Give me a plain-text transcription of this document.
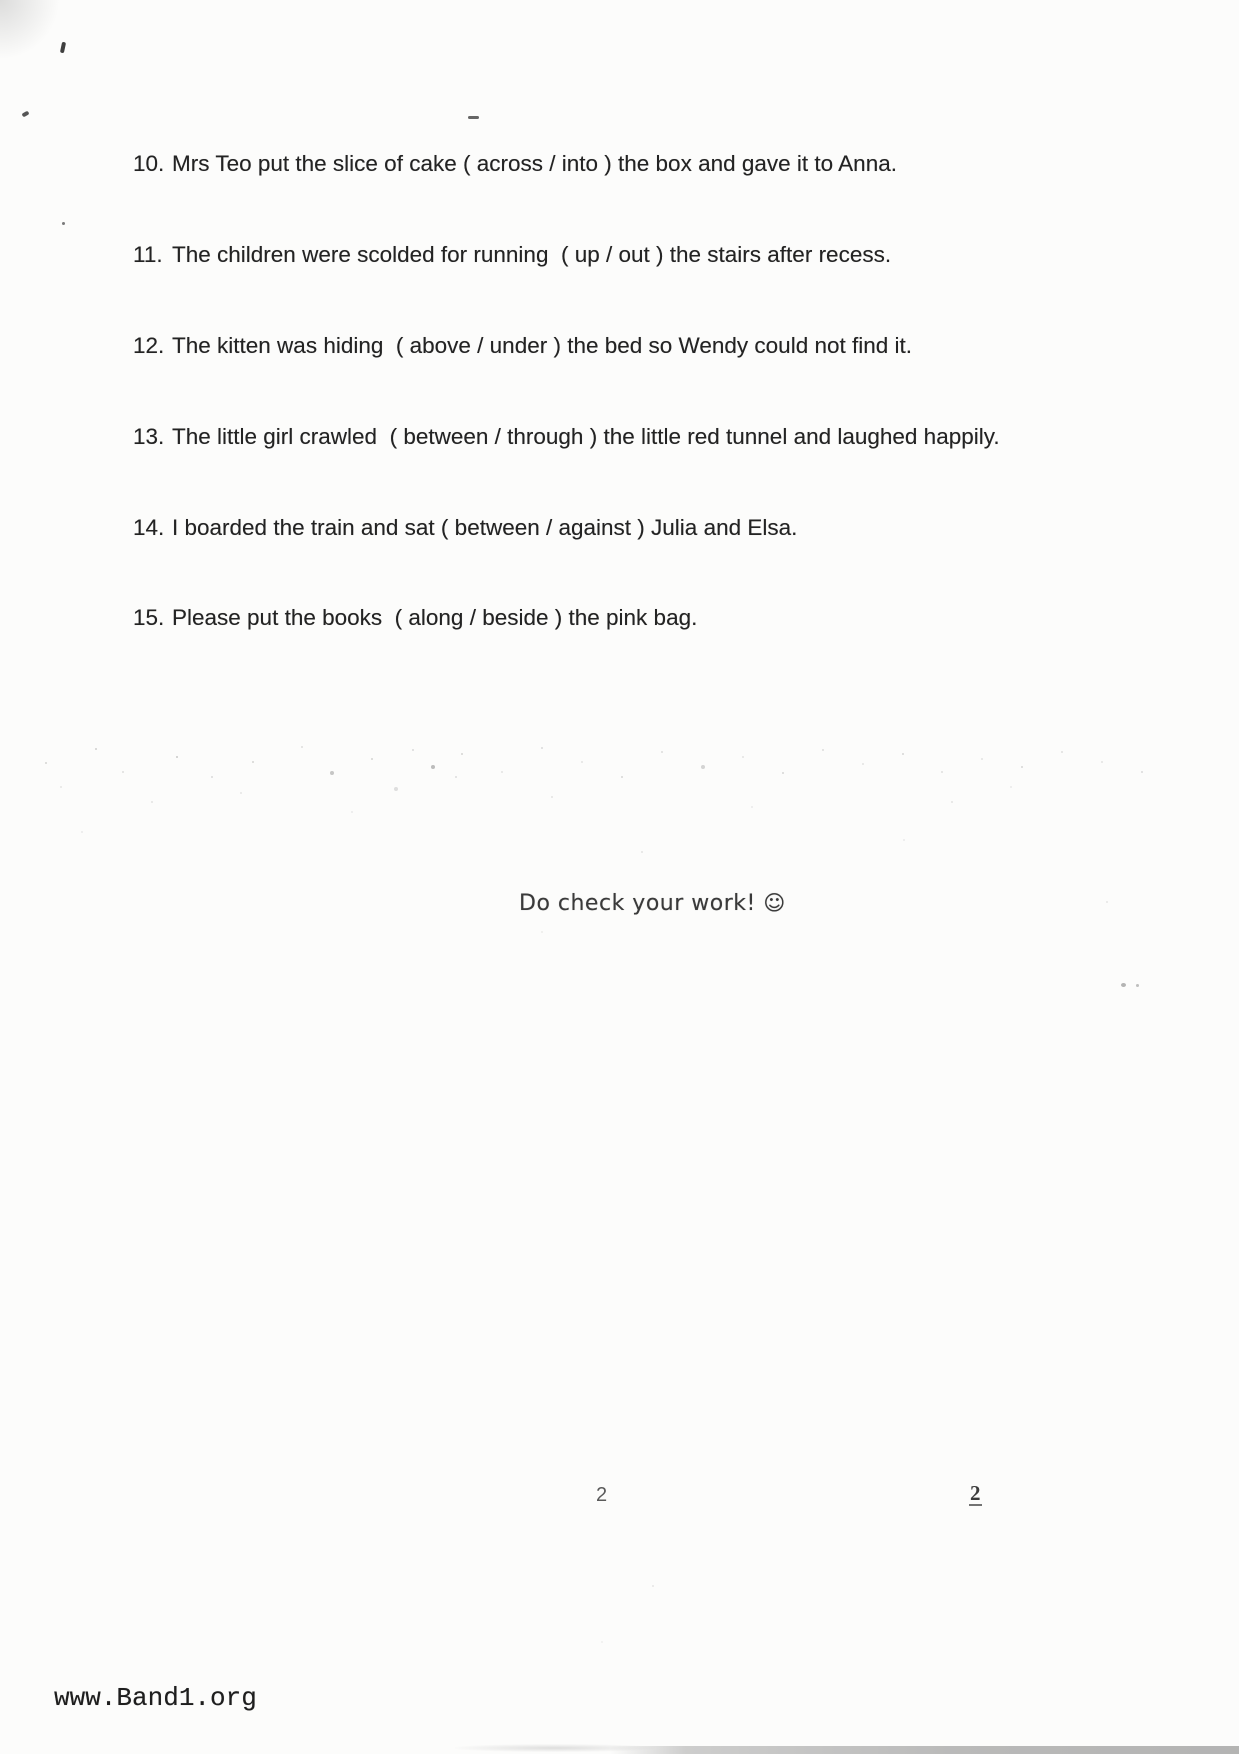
10. Mrs Teo put the slice of cake ( across / into ) the box and gave it to Anna.
11. The children were scolded for running  ( up / out ) the stairs after recess.
12. The kitten was hiding  ( above / under ) the bed so Wendy could not find it.
13. The little girl crawled  ( between / through ) the little red tunnel and laughed happily.
14. I boarded the train and sat ( between / against ) Julia and Elsa.
15. Please put the books  ( along / beside ) the pink bag.
Do check your work! ☺
2	2
www.Band1.org
